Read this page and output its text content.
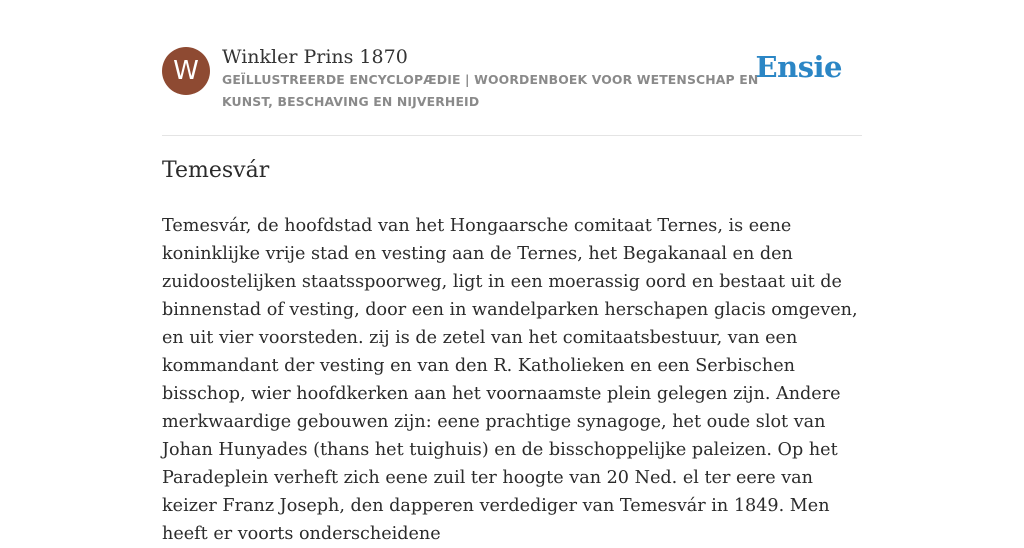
W	Winkler Prins 1870
GEÏLLUSTREERDE ENCYCLOPÆDIE | WOORDENBOEK VOOR WETENSCHAP EN KUNST, BESCHAVING EN NIJVERHEID
Ensie
Temesvár

Temesvár, de hoofdstad van het Hongaarsche comitaat Ternes, is eene koninklijke vrije stad en vesting aan de Ternes, het Begakanaal en den zuidoostelijken staatsspoorweg, ligt in een moerassig oord en bestaat uit de binnenstad of vesting, door een in wandelparken herschapen glacis omgeven, en uit vier voorsteden. zij is de zetel van het comitaatsbestuur, van een kommandant der vesting en van den R. Katholieken en een Serbischen bisschop, wier hoofdkerken aan het voornaamste plein gelegen zijn. Andere merkwaardige gebouwen zijn: eene prachtige synagoge, het oude slot van Johan Hunyades (thans het tuighuis) en de bisschoppelijke paleizen. Op het Paradeplein verheft zich eene zuil ter hoogte van 20 Ned. el ter eere van keizer Franz Joseph, den dapperen verdediger van Temesvár in 1849. Men heeft er voorts onderscheidene
